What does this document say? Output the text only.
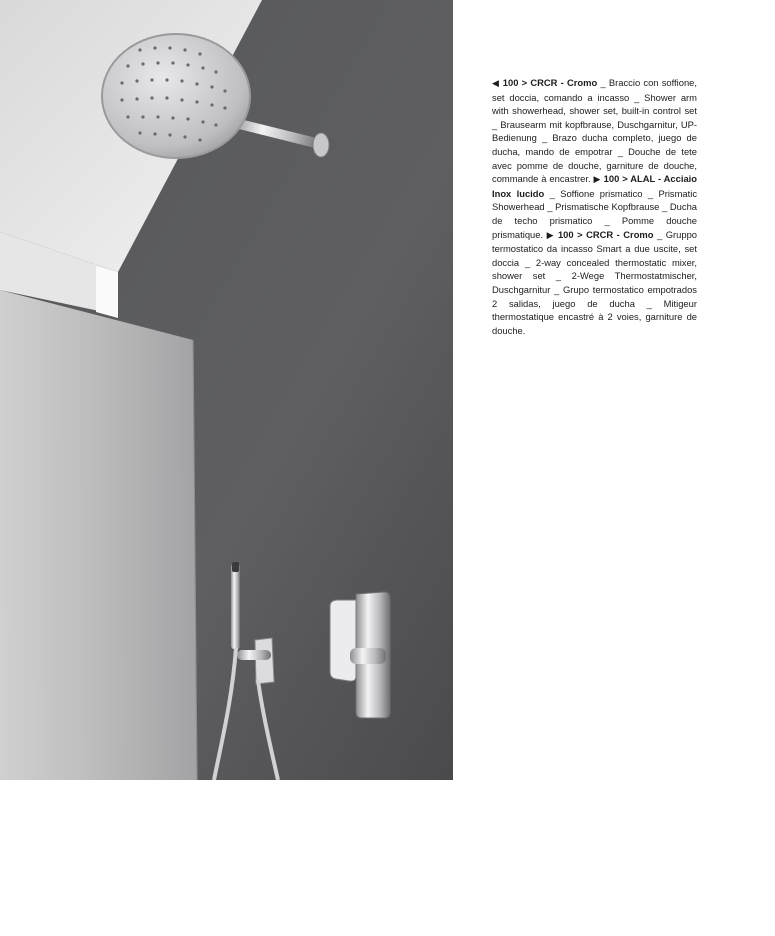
◀ 100 > CRCR - Cromo _ Braccio con soffione, set doccia, comando a incasso _ Shower arm with showerhead, shower set, built-in control set _ Brausearm mit kopfbrause, Duschgarnitur, UP-Bedienung _ Brazo ducha completo, juego de ducha, mando de empotrar _ Douche de tete avec pomme de douche, garniture de douche, commande à encastrer. ▶ 100 > ALAL - Acciaio Inox lucido _ Soffione prismatico _ Prismatic Showerhead _ Prismatische Kopfbrause _ Ducha de techo prismatico _ Pomme douche prismatique. ▶ 100 > CRCR - Cromo _ Gruppo termostatico da incasso Smart a due uscite, set doccia _ 2-way concealed thermostatic mixer, shower set _ 2-Wege Thermostatmischer, Duschgarnitur _ Grupo termostatico empotrados 2 salidas, juego de ducha _ Mitigeur thermostatique encastré à 2 voies, garniture de douche.
